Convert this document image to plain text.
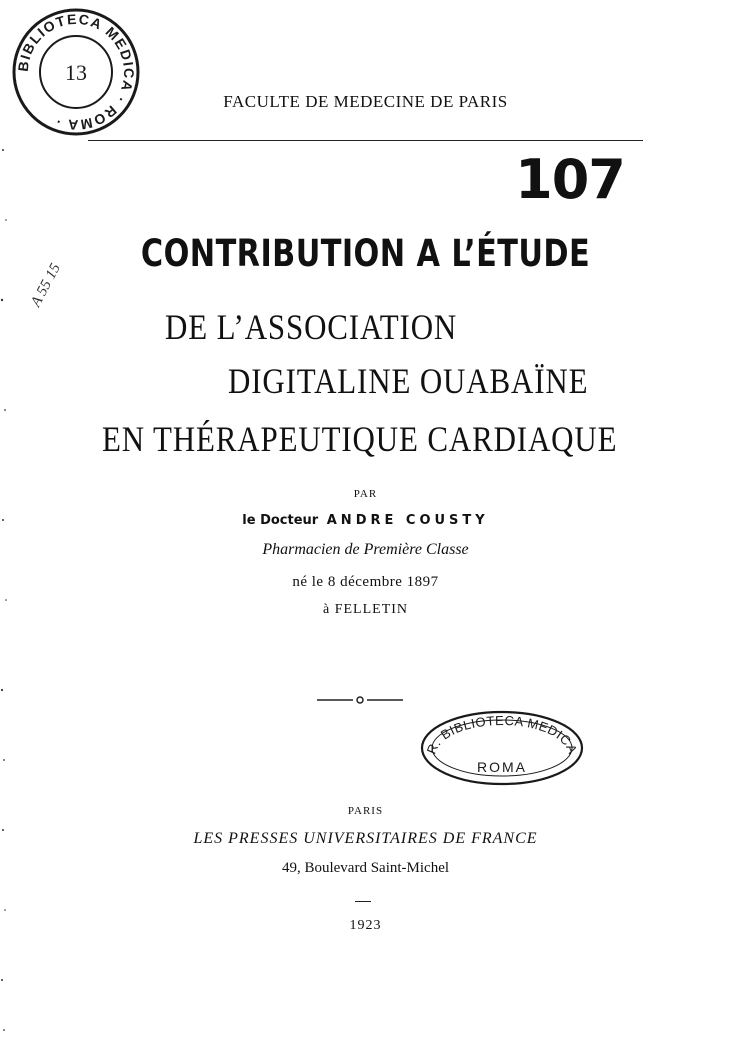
BIBLIOTECA MEDICA · ROMA ·
13
R. BIBLIOTECA MEDICA
ROMA
A 55 15
FACULTE DE MEDECINE DE PARIS
107
CONTRIBUTION A L’ÉTUDE
DE L’ASSOCIATION
DIGITALINE OUABAÏNE
EN THÉRAPEUTIQUE CARDIAQUE
PAR
le Docteur ANDRE COUSTY
Pharmacien de Première Classe
né le 8 décembre 1897
à FELLETIN
PARIS
LES PRESSES UNIVERSITAIRES DE FRANCE
49, Boulevard Saint-Michel
1923
